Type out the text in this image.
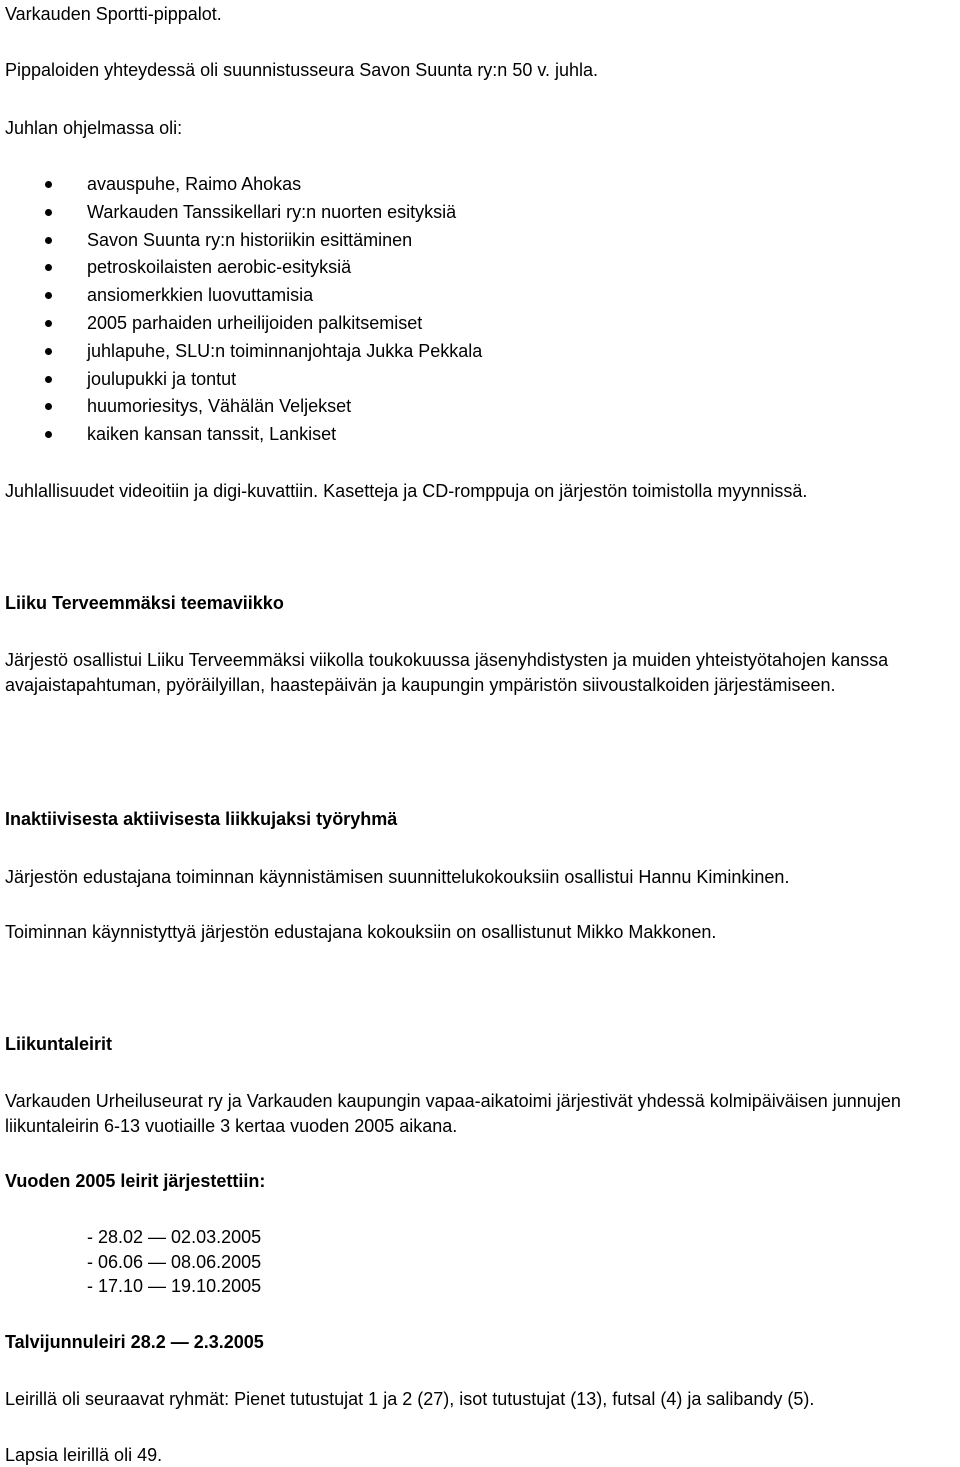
Varkauden Sportti-pippalot.
Pippaloiden yhteydessä oli suunnistusseura Savon Suunta ry:n 50 v. juhla.
Juhlan ohjelmassa oli:
avauspuhe, Raimo Ahokas
Warkauden Tanssikellari ry:n nuorten esityksiä
Savon Suunta ry:n historiikin esittäminen
petroskoilaisten aerobic-esityksiä
ansiomerkkien luovuttamisia
2005 parhaiden urheilijoiden palkitsemiset
juhlapuhe, SLU:n toiminnanjohtaja Jukka Pekkala
joulupukki ja tontut
huumoriesitys, Vähälän Veljekset
kaiken kansan tanssit, Lankiset
Juhlallisuudet videoitiin ja digi-kuvattiin. Kasetteja ja CD-romppuja on järjestön toimistolla myynnissä.
Liiku Terveemmäksi teemaviikko
Järjestö osallistui Liiku Terveemmäksi viikolla toukokuussa jäsenyhdistysten ja muiden yhteistyötahojen kanssa avajaistapahtuman, pyöräilyillan, haastepäivän ja kaupungin ympäristön siivoustalkoiden järjestämiseen.
Inaktiivisesta aktiivisesta liikkujaksi työryhmä
Järjestön edustajana toiminnan käynnistämisen suunnittelukokouksiin osallistui Hannu Kiminkinen.
Toiminnan käynnistyttyä järjestön edustajana kokouksiin on osallistunut Mikko Makkonen.
Liikuntaleirit
Varkauden Urheiluseurat ry ja Varkauden kaupungin vapaa-aikatoimi järjestivät yhdessä kolmipäiväisen junnujen liikuntaleirin 6-13 vuotiaille 3 kertaa vuoden 2005 aikana.
Vuoden 2005 leirit järjestettiin:
- 28.02 — 02.03.2005
- 06.06 — 08.06.2005
- 17.10 — 19.10.2005
Talvijunnuleiri 28.2 — 2.3.2005
Leirillä oli seuraavat ryhmät: Pienet tutustujat 1 ja 2 (27), isot tutustujat (13), futsal (4) ja salibandy (5).
Lapsia leirillä oli 49.
